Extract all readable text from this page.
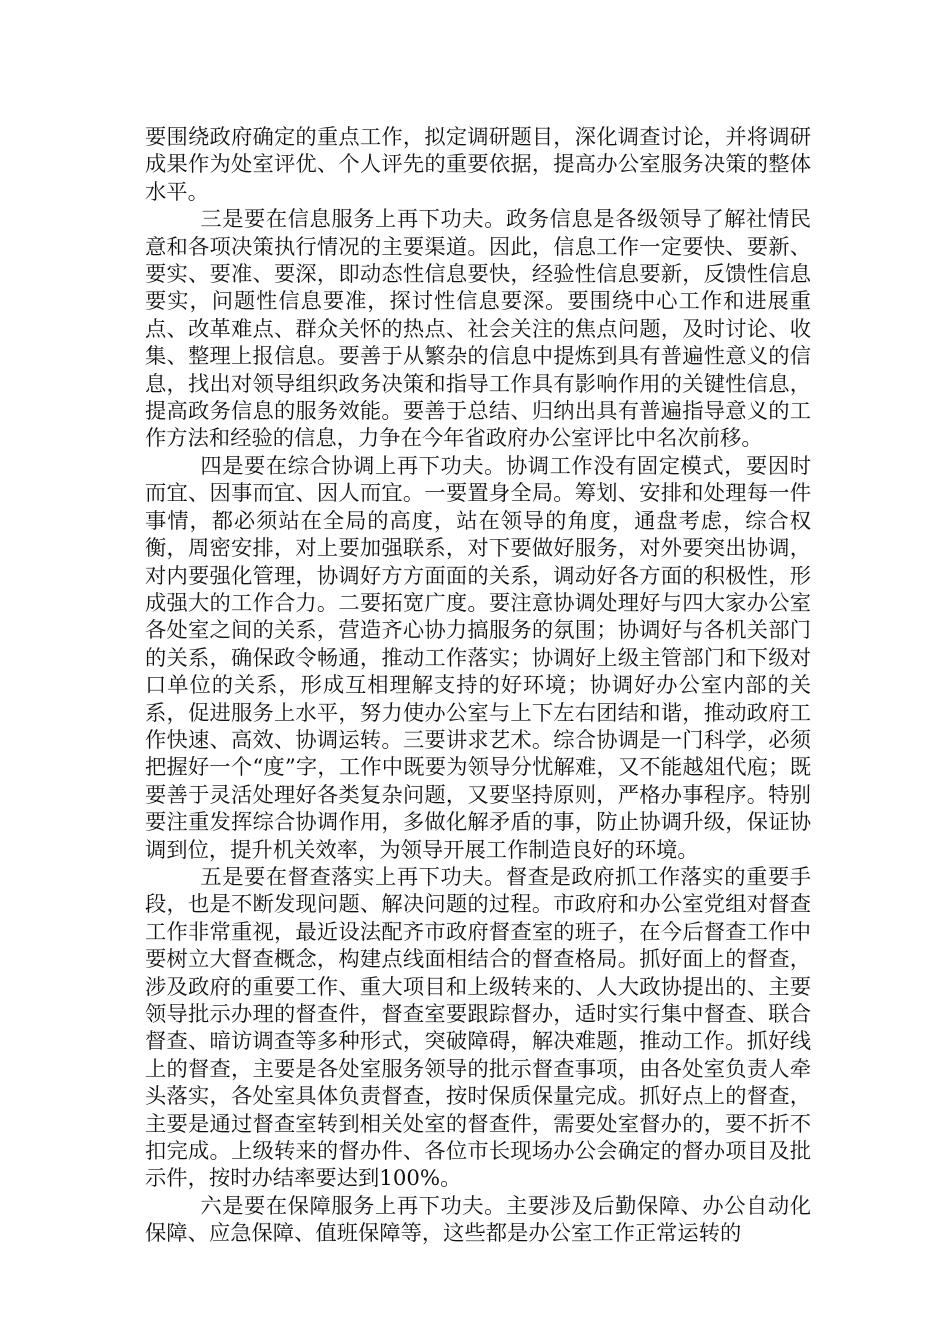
要围绕政府确定的重点工作，拟定调研题目，深化调查讨论，并将调研成果作为处室评优、个人评先的重要依据，提高办公室服务决策的整体水平。

三是要在信息服务上再下功夫。政务信息是各级领导了解社情民意和各项决策执行情况的主要渠道。因此，信息工作一定要快、要新、要实、要准、要深，即动态性信息要快，经验性信息要新，反馈性信息要实，问题性信息要准，探讨性信息要深。要围绕中心工作和进展重点、改革难点、群众关怀的热点、社会关注的焦点问题，及时讨论、收集、整理上报信息。要善于从繁杂的信息中提炼到具有普遍性意义的信息，找出对领导组织政务决策和指导工作具有影响作用的关键性信息，提高政务信息的服务效能。要善于总结、归纳出具有普遍指导意义的工作方法和经验的信息，力争在今年省政府办公室评比中名次前移。

四是要在综合协调上再下功夫。协调工作没有固定模式，要因时而宜、因事而宜、因人而宜。一要置身全局。筹划、安排和处理每一件事情，都必须站在全局的高度，站在领导的角度，通盘考虑，综合权衡，周密安排，对上要加强联系，对下要做好服务，对外要突出协调，对内要强化管理，协调好方方面面的关系，调动好各方面的积极性，形成强大的工作合力。二要拓宽广度。要注意协调处理好与四大家办公室各处室之间的关系，营造齐心协力搞服务的氛围；协调好与各机关部门的关系，确保政令畅通，推动工作落实；协调好上级主管部门和下级对口单位的关系，形成互相理解支持的好环境；协调好办公室内部的关系，促进服务上水平，努力使办公室与上下左右团结和谐，推动政府工作快速、高效、协调运转。三要讲求艺术。综合协调是一门科学，必须把握好一个“度”字，工作中既要为领导分忧解难，又不能越俎代庖；既要善于灵活处理好各类复杂问题，又要坚持原则，严格办事程序。特别要注重发挥综合协调作用，多做化解矛盾的事，防止协调升级，保证协调到位，提升机关效率，为领导开展工作制造良好的环境。

五是要在督查落实上再下功夫。督查是政府抓工作落实的重要手段，也是不断发现问题、解决问题的过程。市政府和办公室党组对督查工作非常重视，最近设法配齐市政府督查室的班子，在今后督查工作中要树立大督查概念，构建点线面相结合的督查格局。抓好面上的督查，涉及政府的重要工作、重大项目和上级转来的、人大政协提出的、主要领导批示办理的督查件，督查室要跟踪督办，适时实行集中督查、联合督查、暗访调查等多种形式，突破障碍，解决难题，推动工作。抓好线上的督查，主要是各处室服务领导的批示督查事项，由各处室负责人牵头落实，各处室具体负责督查，按时保质保量完成。抓好点上的督查，主要是通过督查室转到相关处室的督查件，需要处室督办的，要不折不扣完成。上级转来的督办件、各位市长现场办公会确定的督办项目及批示件，按时办结率要达到100%。

六是要在保障服务上再下功夫。主要涉及后勤保障、办公自动化保障、应急保障、值班保障等，这些都是办公室工作正常运转的
